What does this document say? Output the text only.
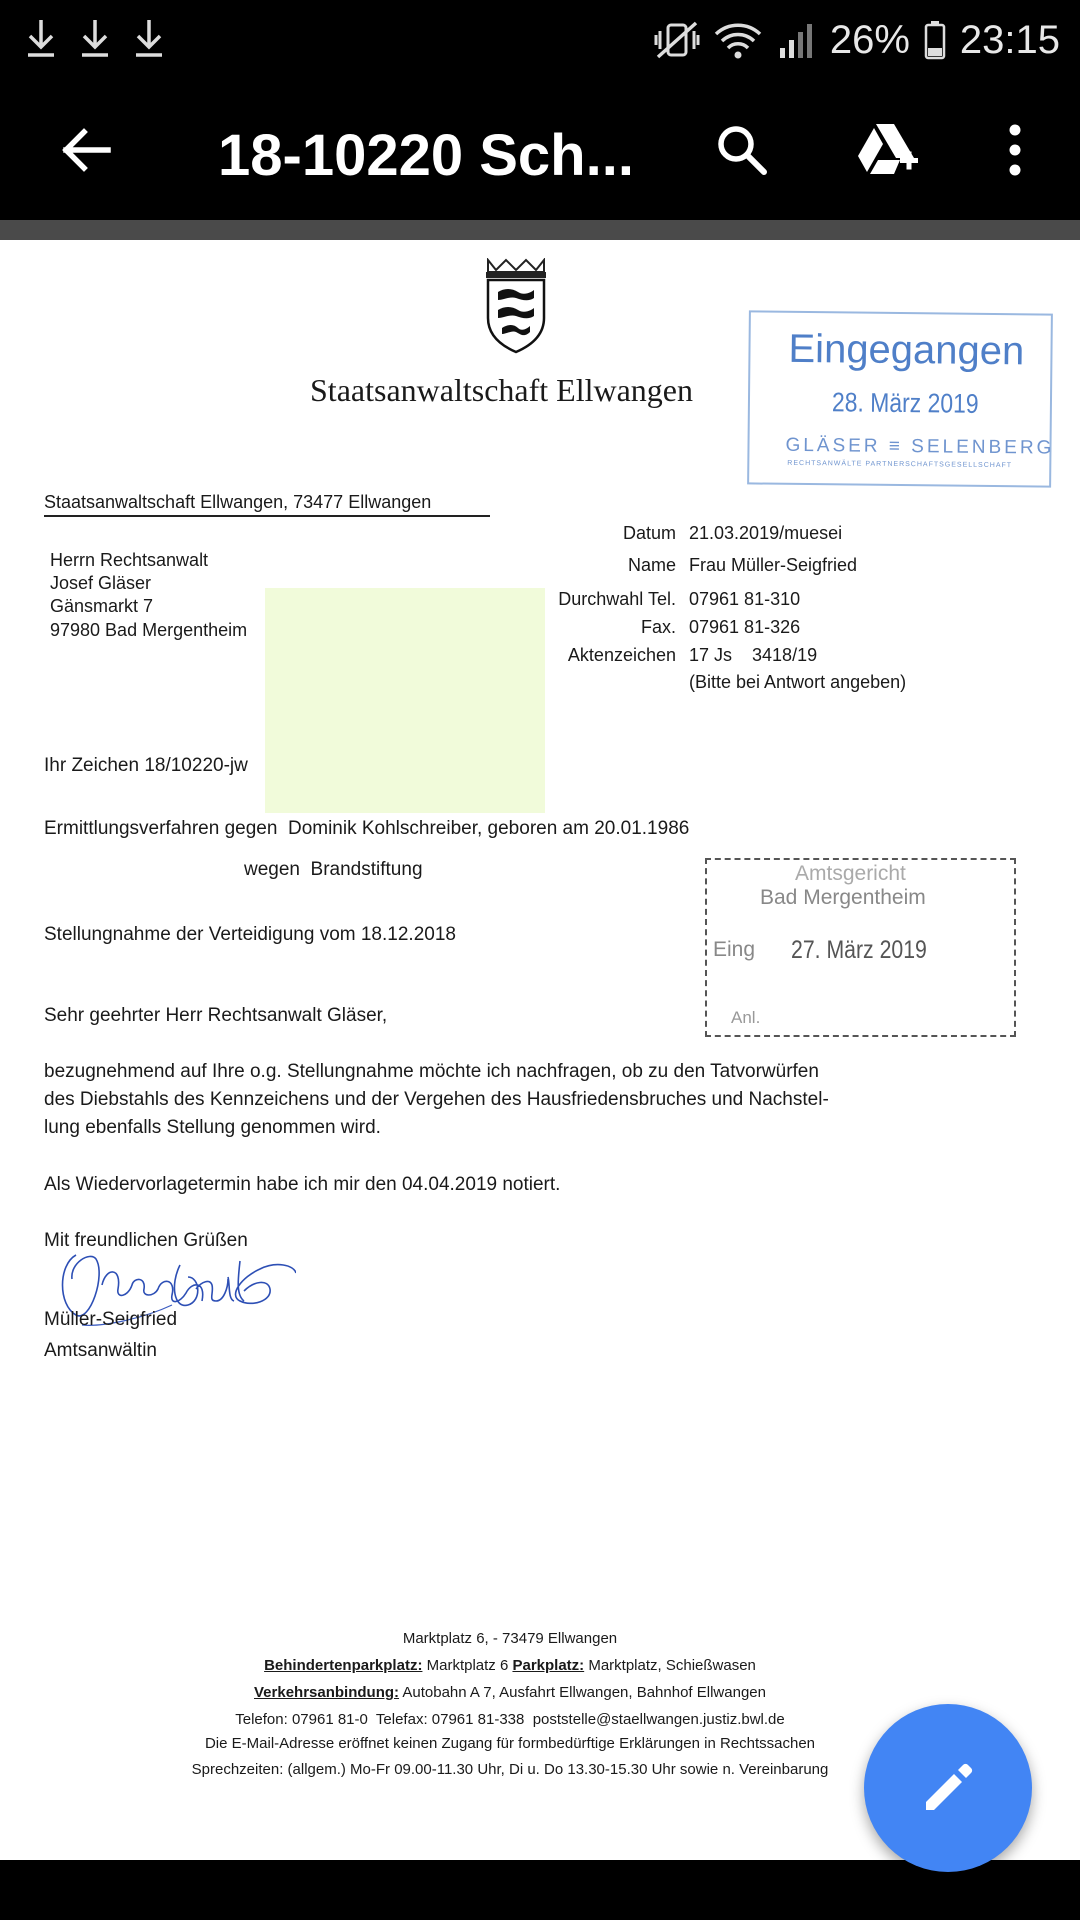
26% 23:15
18-10220 Sch...
Staatsanwaltschaft Ellwangen
Eingegangen
28. März 2019
GLÄSER ≡ SELENBERG
RECHTSANWÄLTE PARTNERSCHAFTSGESELLSCHAFT
Staatsanwaltschaft Ellwangen, 73477 Ellwangen
Herrn Rechtsanwalt
Josef Gläser
Gänsmarkt 7
97980 Bad Mergentheim
Datum 21.03.2019/muesei
Name Frau Müller-Seigfried
Durchwahl Tel. 07961 81-310
Fax. 07961 81-326
Aktenzeichen 17 Js    3418/19
(Bitte bei Antwort angeben)
Ihr Zeichen 18/10220-jw
Ermittlungsverfahren gegen  Dominik Kohlschreiber, geboren am 20.01.1986
wegen  Brandstiftung
Stellungnahme der Verteidigung vom 18.12.2018
Amtsgericht
Bad Mergentheim
Eing 27. März 2019
Anl.
Sehr geehrter Herr Rechtsanwalt Gläser,
bezugnehmend auf Ihre o.g. Stellungnahme möchte ich nachfragen, ob zu den Tatvorwürfen
des Diebstahls des Kennzeichens und der Vergehen des Hausfriedensbruches und Nachstel-
lung ebenfalls Stellung genommen wird.
Als Wiedervorlagetermin habe ich mir den 04.04.2019 notiert.
Mit freundlichen Grüßen
Müller-Seigfried
Amtsanwältin
Marktplatz 6, - 73479 Ellwangen
Behindertenparkplatz: Marktplatz 6 Parkplatz: Marktplatz, Schießwasen
Verkehrsanbindung: Autobahn A 7, Ausfahrt Ellwangen, Bahnhof Ellwangen
Telefon: 07961 81-0  Telefax: 07961 81-338  poststelle@staellwangen.justiz.bwl.de
Die E-Mail-Adresse eröffnet keinen Zugang für formbedürftige Erklärungen in Rechtssachen
Sprechzeiten: (allgem.) Mo-Fr 09.00-11.30 Uhr, Di u. Do 13.30-15.30 Uhr sowie n. Vereinbarung
